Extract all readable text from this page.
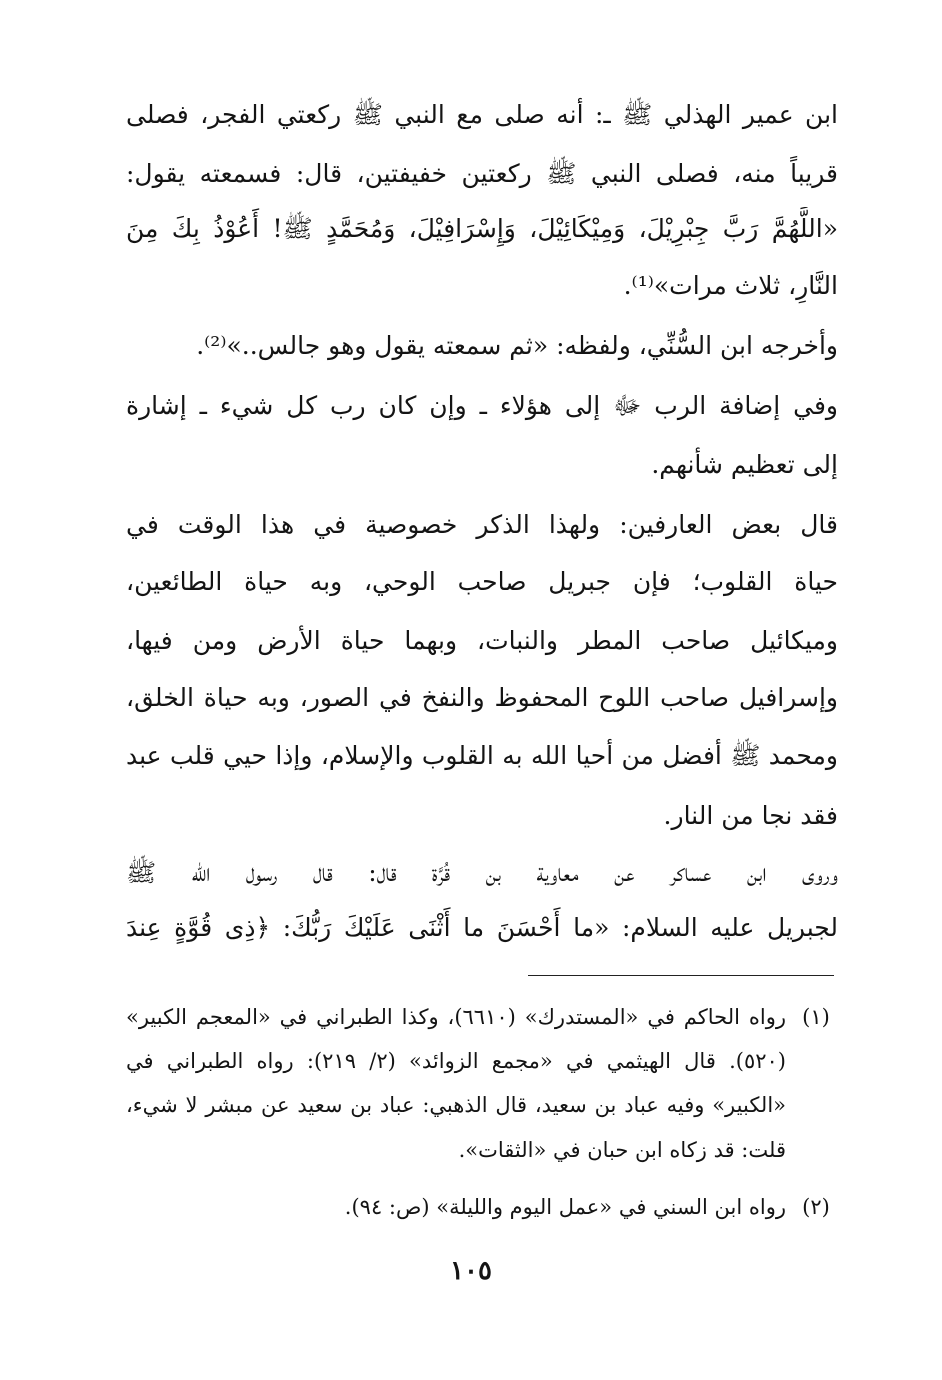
ابن عمير الهذلي ﷺ ـ: أنه صلى مع النبي ﷺ ركعتي الفجر، فصلى
قريباً منه، فصلى النبي ﷺ ركعتين خفيفتين، قال: فسمعته يقول:
«اللَّهُمَّ رَبَّ جِبْرِيْلَ، وَمِيْكَائِيْلَ، وَإِسْرَافِيْلَ، وَمُحَمَّدٍ ﷺ! أَعُوْذُ بِكَ مِنَ
النَّارِ، ثلاث مرات»⁽¹⁾.
وأخرجه ابن السُّنِّي، ولفظه: «ثم سمعته يقول وهو جالس..»⁽²⁾.
وفي إضافة الرب ﷻ إلى هؤلاء ـ وإن كان رب كل شيء ـ إشارة
إلى تعظيم شأنهم.
قال بعض العارفين: ولهذا الذكر خصوصية في هذا الوقت في
حياة القلوب؛ فإن جبريل صاحب الوحي، وبه حياة الطائعين،
وميكائيل صاحب المطر والنبات، وبهما حياة الأرض ومن فيها،
وإسرافيل صاحب اللوح المحفوظ والنفخ في الصور، وبه حياة الخلق،
ومحمد ﷺ أفضل من أحيا الله به القلوب والإسلام، وإذا حيي قلب عبد
فقد نجا من النار.
وروى ابن عساكر عن معاوية بن قُرَّة قال: قال رسول الله ﷺ
لجبريل عليه السلام: «ما أَحْسَنَ ما أَثْنَى عَلَيْكَ رَبُّكَ: ﴿ذِى قُوَّةٍ عِندَ
(١)
رواه الحاكم في «المستدرك» (٦٦١٠)، وكذا الطبراني في «المعجم الكبير»
(٥٢٠). قال الهيثمي في «مجمع الزوائد» (٢/ ٢١٩): رواه الطبراني في
«الكبير» وفيه عباد بن سعيد، قال الذهبي: عباد بن سعيد عن مبشر لا شيء،
قلت: قد زكاه ابن حبان في «الثقات».
(٢)
رواه ابن السني في «عمل اليوم والليلة» (ص: ٩٤).
١٠٥
